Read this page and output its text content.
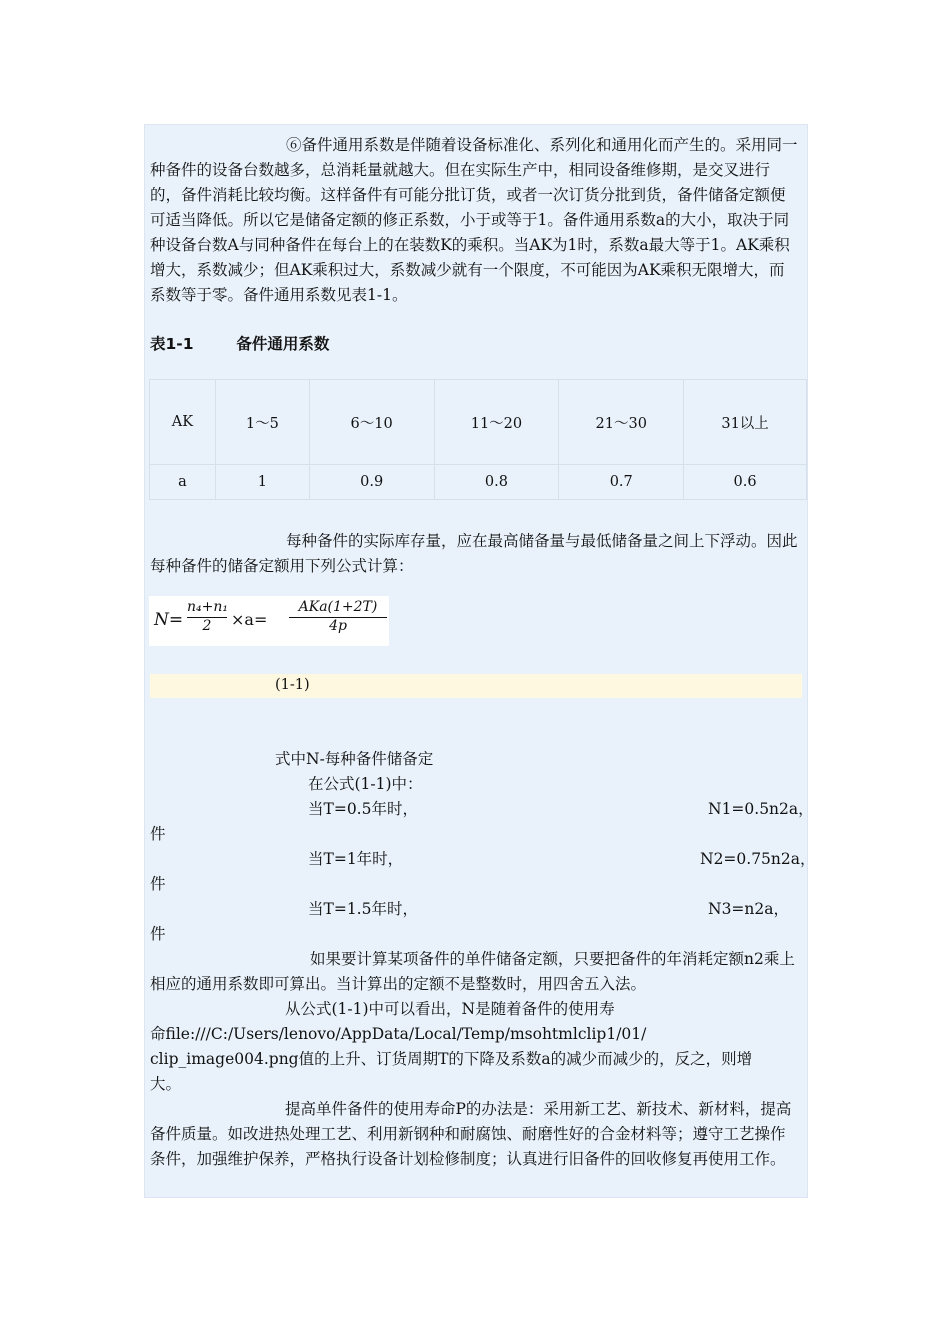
⑥备件通用系数是伴随着设备标准化、系列化和通用化而产生的。采用同一种备件的设备台数越多，总消耗量就越大。但在实际生产中，相同设备维修期，是交叉进行的，备件消耗比较均衡。这样备件有可能分批订货，或者一次订货分批到货，备件储备定额便可适当降低。所以它是储备定额的修正系数，小于或等于1。备件通用系数a的大小，取决于同种设备台数A与同种备件在每台上的在装数K的乘积。当AK为1时，系数a最大等于1。AK乘积增大，系数减少；但AK乘积过大，系数减少就有一个限度，不可能因为AK乘积无限增大，而系数等于零。备件通用系数见表1-1。

表1-1	备件通用系数
AK	1～5	6～10	11～20	21～30	31以上
a	1	0.9	0.8	0.7	0.6

每种备件的实际库存量，应在最高储备量与最低储备量之间上下浮动。因此每种备件的储备定额用下列公式计算：

$N= \frac{\text{n₄+n₁}}{2} \times a=$
AKa(1+2T)
4p
(1-1)
式中N-每种备件储备定
在公式(1-1)中：
当T=0.5年时，	N1=0.5n2a，
件
当T=1年时，	N2=0.75n2a，
件
当T=1.5年时，	N3=n2a，
件

如果要计算某项备件的单件储备定额，只要把备件的年消耗定额n2乘上相应的通用系数即可算出。当计算出的定额不是整数时，用四舍五入法。

从公式(1-1)中可以看出，N是随着备件的使用寿
命file:///C:/Users/lenovo/AppData/Local/Temp/msohtmlclip1/01/
clip_image004.png值的上升、订货周期T的下降及系数a的减少而减少的，反之，则增
大。

提高单件备件的使用寿命P的办法是：采用新工艺、新技术、新材料，提高备件质量。如改进热处理工艺、利用新钢种和耐腐蚀、耐磨性好的合金材料等；遵守工艺操作条件，加强维护保养，严格执行设备计划检修制度；认真进行旧备件的回收修复再使用工作。
